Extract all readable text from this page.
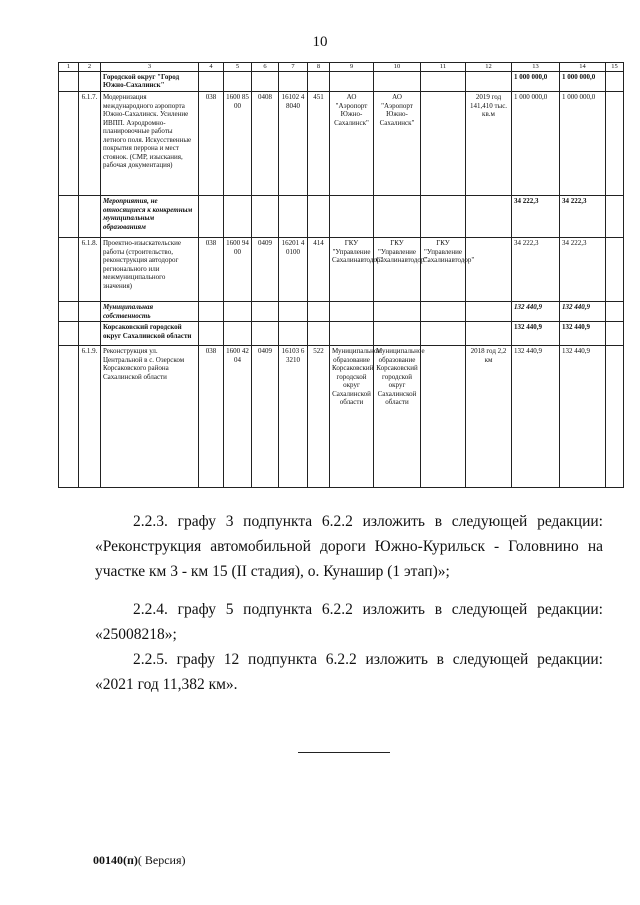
10
1	2	3	4	5	6	7	8	9	10	11	12	13	14	15
		Городской округ "Город Южно-Сахалинск"										1 000 000,0	1 000 000,0	
	6.1.7.	Модернизация международного аэропорта Южно-Сахалинск. Усиление ИВПП. Аэродромно-планировочные работы летного поля. Искусственные покрытия перрона и мест стоянок. (СМР, изыскания, рабочая документация)	038	1600 8500	0408	16102 48040	451	АО "Аэропорт Южно-Сахалинск"	АО "Аэропорт Южно-Сахалинск"		2019 год 141,410 тыс. кв.м	1 000 000,0	1 000 000,0	
		Мероприятия, не относящиеся к конкретным муниципальным образованиям										34 222,3	34 222,3	
	6.1.8.	Проектно-изыскательские работы (строительство, реконструкция автодорог регионального или межмуниципального значения)	038	1600 9400	0409	16201 40100	414	ГКУ "Управление Сахалинавтодор"	ГКУ "Управление Сахалинавтодор"	ГКУ "Управление Сахалинавтодор"		34 222,3	34 222,3	
		Муниципальная собственность										132 440,9	132 440,9	
		Корсаковский городской округ Сахалинской области										132 440,9	132 440,9	
	6.1.9.	Реконструкция ул. Центральной в с. Озерском Корсаковского района Сахалинской области	038	1600 4204	0409	16103 63210	522	Муниципальное образование Корсаковский городской округ Сахалинской области	Муниципальное образование Корсаковский городской округ Сахалинской области		2018 год 2,2 км	132 440,9	132 440,9	

2.2.3. графу 3 подпункта 6.2.2 изложить в следующей редакции: «Реконструкция автомобильной дороги Южно-Курильск - Головнино на участке км 3 - км 15 (II стадия), о. Кунашир (1 этап)»;

2.2.4. графу 5 подпункта 6.2.2 изложить в следующей редакции: «25008218»;

2.2.5. графу 12 подпункта 6.2.2 изложить в следующей редакции: «2021 год 11,382 км».

00140(п)( Версия)
